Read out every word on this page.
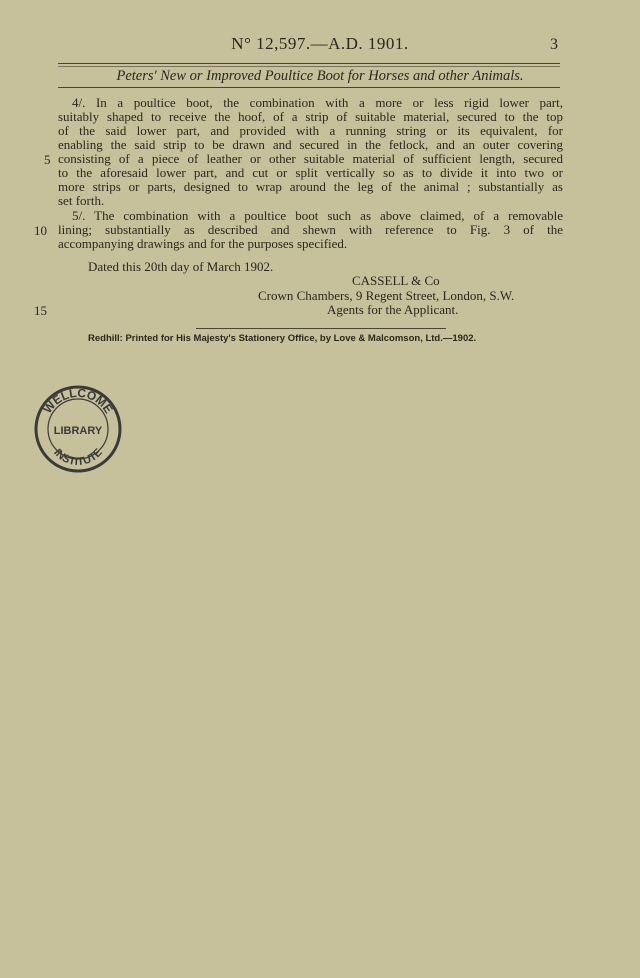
N° 12,597.—A.D. 1901.	3
Peters' New or Improved Poultice Boot for Horses and other Animals.
4/. In a poultice boot, the combination with a more or less rigid lower part,
suitably shaped to receive the hoof, of a strip of suitable material, secured to the top
of the said lower part, and provided with a running string or its equivalent, for
enabling the said strip to be drawn and secured in the fetlock, and an outer covering
5 consisting of a piece of leather or other suitable material of sufficient length, secured
to the aforesaid lower part, and cut or split vertically so as to divide it into two or
more strips or parts, designed to wrap around the leg of the animal ; substantially as
set forth.
5/. The combination with a poultice boot such as above claimed, of a removable
10 lining; substantially as described and shewn with reference to Fig. 3 of the
accompanying drawings and for the purposes specified.
Dated this 20th day of March 1902.
CASSELL & Co
Crown Chambers, 9 Regent Street, London, S.W.
15	Agents for the Applicant.
Redhill: Printed for His Majesty's Stationery Office, by Love & Malcomson, Ltd.—1902.
WELLCOME
LIBRARY
INSTITUTE
